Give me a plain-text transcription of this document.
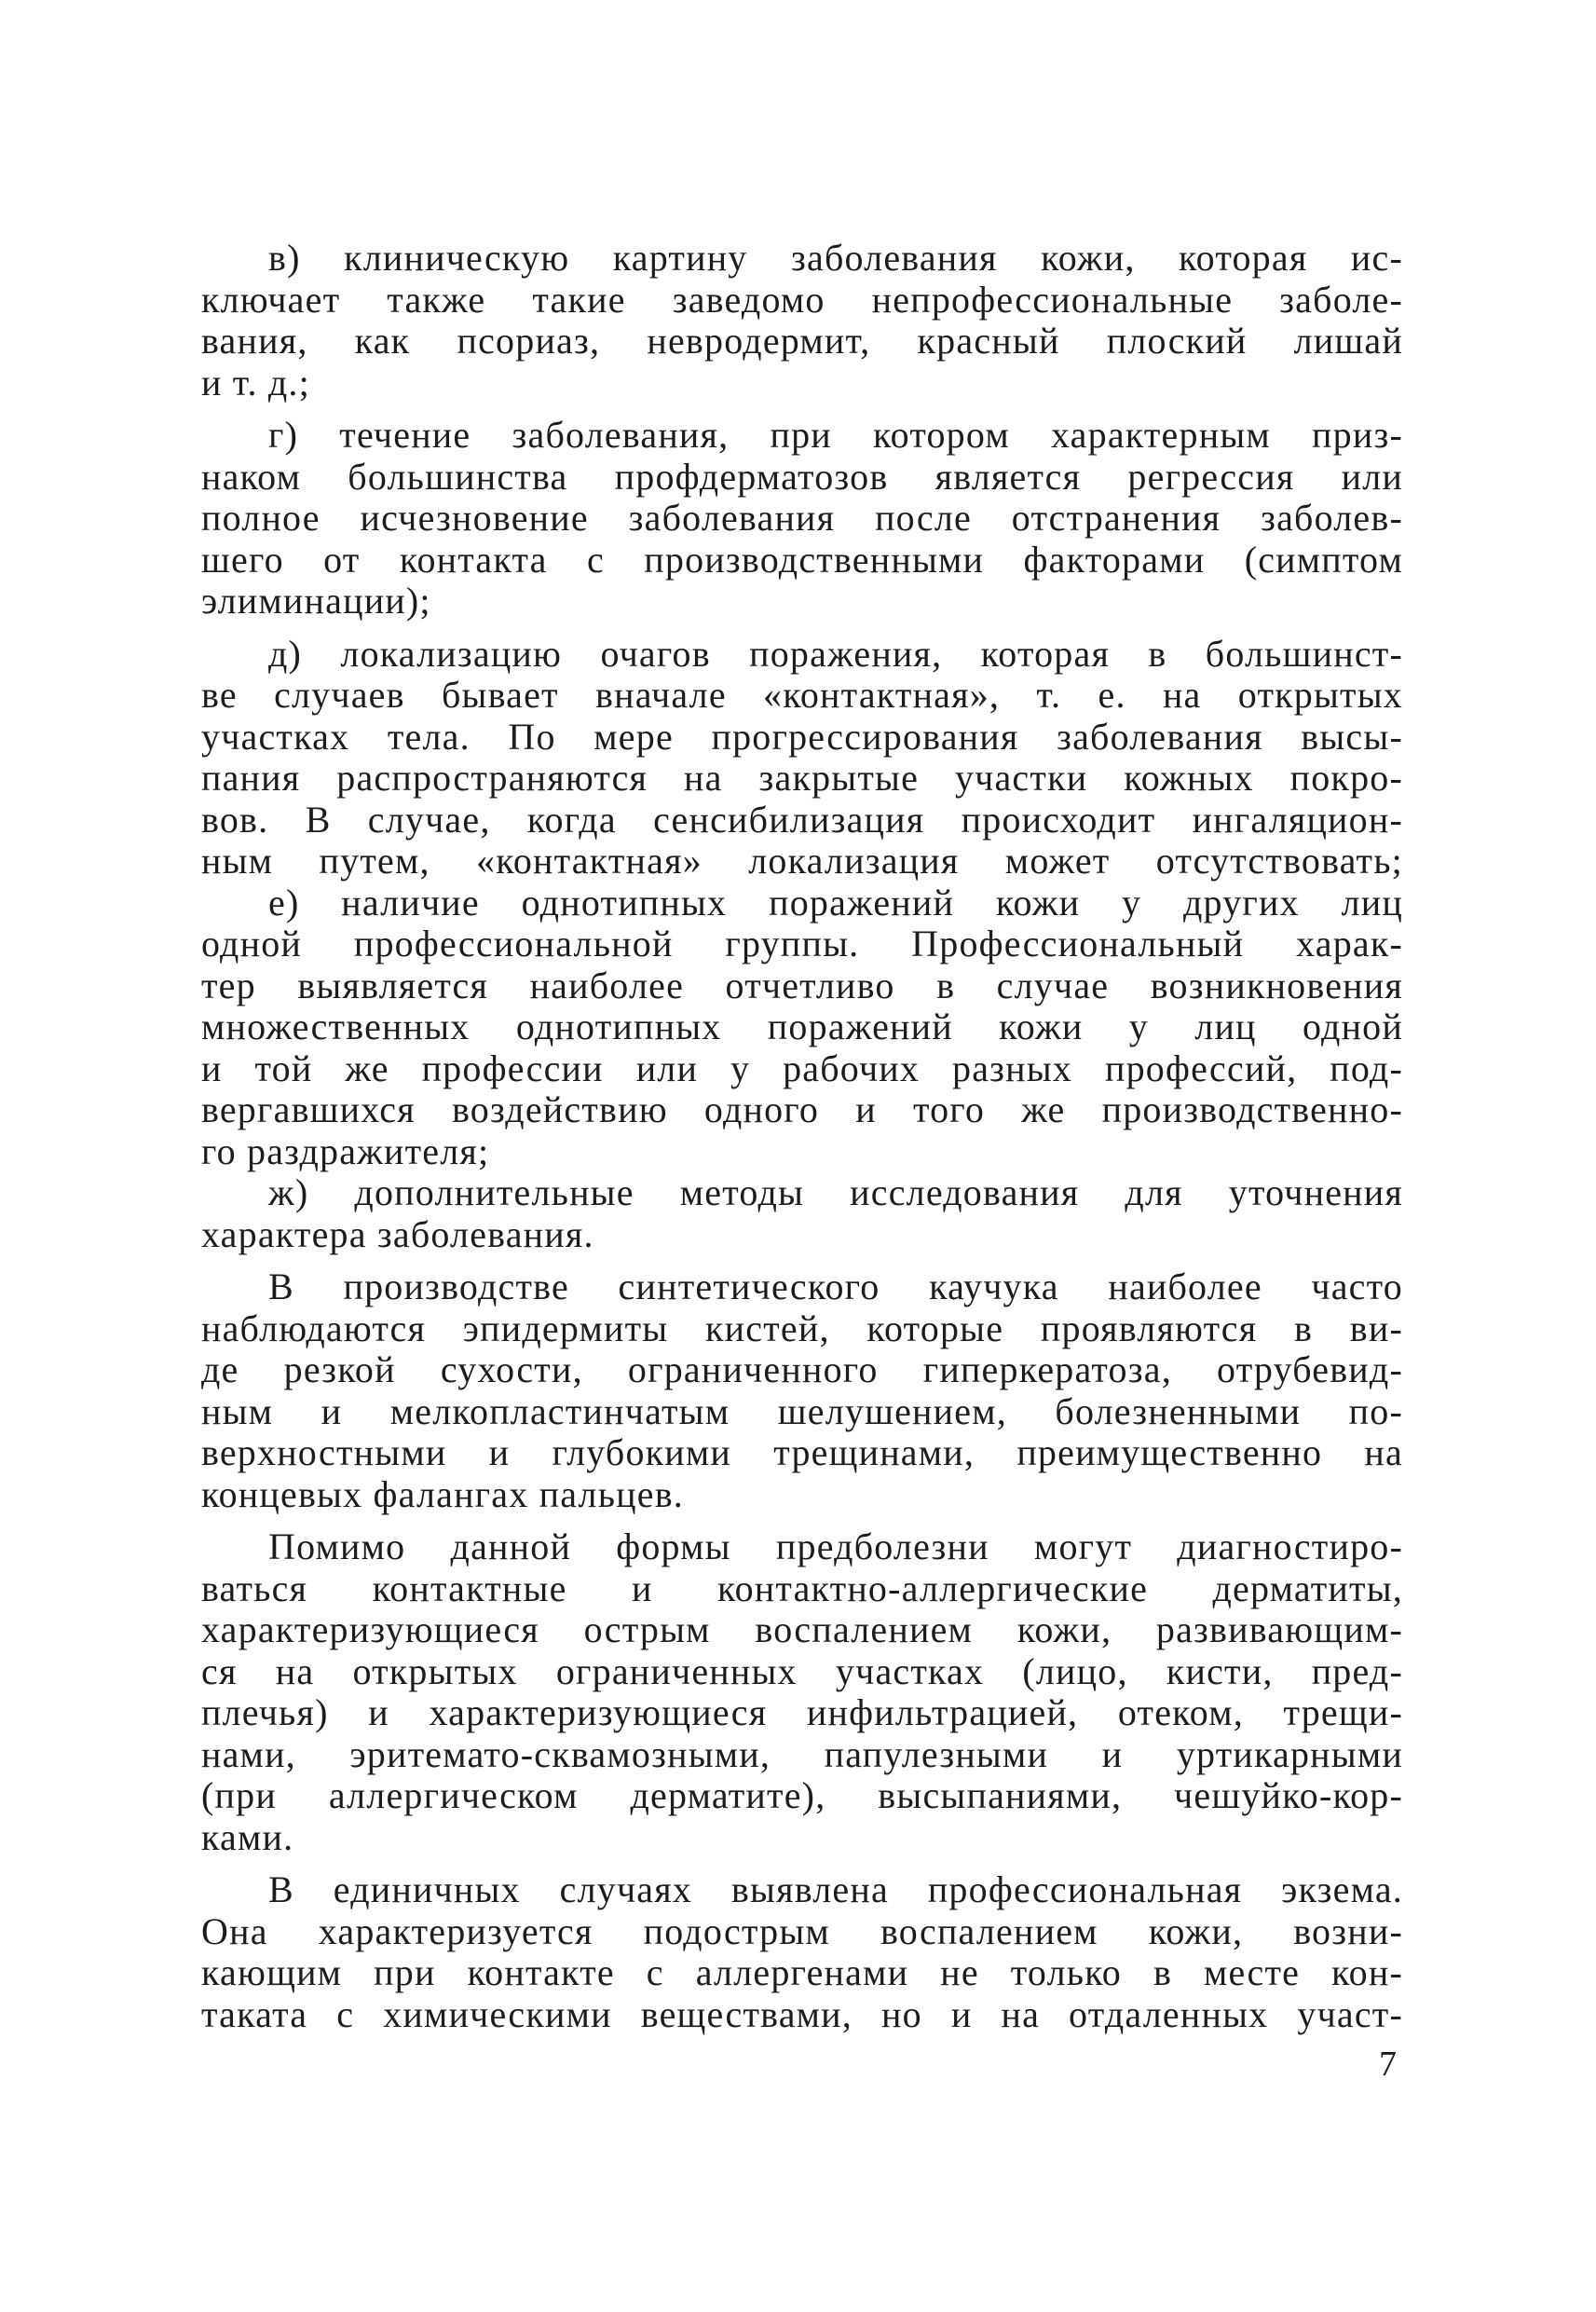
в) клиническую картину заболевания кожи, которая ис-
ключает также такие заведомо непрофессиональные заболе-
вания, как псориаз, невродермит, красный плоский лишай
и т. д.;
г) течение заболевания, при котором характерным приз-
наком большинства профдерматозов является регрессия или
полное исчезновение заболевания после отстранения заболев-
шего от контакта с производственными факторами (симптом
элиминации);
д) локализацию очагов поражения, которая в большинст-
ве случаев бывает вначале «контактная», т. е. на открытых
участках тела. По мере прогрессирования заболевания высы-
пания распространяются на закрытые участки кожных покро-
вов. В случае, когда сенсибилизация происходит ингаляцион-
ным путем, «контактная» локализация может отсутствовать;
е) наличие однотипных поражений кожи у других лиц
одной профессиональной группы. Профессиональный харак-
тер выявляется наиболее отчетливо в случае возникновения
множественных однотипных поражений кожи у лиц одной
и той же профессии или у рабочих разных профессий, под-
вергавшихся воздействию одного и того же производственно-
го раздражителя;
ж) дополнительные методы исследования для уточнения
характера заболевания.
В производстве синтетического каучука наиболее часто
наблюдаются эпидермиты кистей, которые проявляются в ви-
де резкой сухости, ограниченного гиперкератоза, отрубевид-
ным и мелкопластинчатым шелушением, болезненными по-
верхностными и глубокими трещинами, преимущественно на
концевых фалангах пальцев.
Помимо данной формы предболезни могут диагностиро-
ваться контактные и контактно-аллергические дерматиты,
характеризующиеся острым воспалением кожи, развивающим-
ся на открытых ограниченных участках (лицо, кисти, пред-
плечья) и характеризующиеся инфильтрацией, отеком, трещи-
нами, эритемато-сквамозными, папулезными и уртикарными
(при аллергическом дерматите), высыпаниями, чешуйко-кор-
ками.
В единичных случаях выявлена профессиональная экзема.
Она характеризуется подострым воспалением кожи, возни-
кающим при контакте с аллергенами не только в месте кон-
таката с химическими веществами, но и на отдаленных участ-
7
